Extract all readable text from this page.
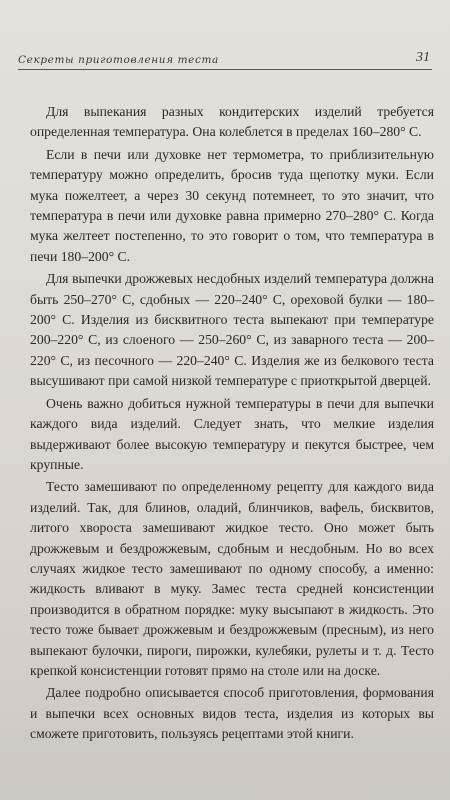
Секреты приготовления теста	31

Для выпекания разных кондитерских изделий требуется определенная температура. Она колеблется в пределах 160–280° С.

Если в печи или духовке нет термометра, то приблизительную температуру можно определить, бросив туда щепотку муки. Если мука пожелтеет, а через 30 секунд потемнеет, то это значит, что температура в печи или духовке равна примерно 270–280° С. Когда мука желтеет постепенно, то это говорит о том, что температура в печи 180–200° С.

Для выпечки дрожжевых несдобных изделий температура должна быть 250–270° С, сдобных — 220–240° С, ореховой булки — 180–200° С. Изделия из бисквитного теста выпекают при температуре 200–220° С, из слоеного — 250–260° С, из заварного теста — 200–220° С, из песочного — 220–240° С. Изделия же из белкового теста высушивают при самой низкой температуре с приоткрытой дверцей.

Очень важно добиться нужной температуры в печи для выпечки каждого вида изделий. Следует знать, что мелкие изделия выдерживают более высокую температуру и пекутся быстрее, чем крупные.

Тесто замешивают по определенному рецепту для каждого вида изделий. Так, для блинов, оладий, блинчиков, вафель, бисквитов, литого хвороста замешивают жидкое тесто. Оно может быть дрожжевым и бездрожжевым, сдобным и несдобным. Но во всех случаях жидкое тесто замешивают по одному способу, а именно: жидкость вливают в муку. Замес теста средней консистенции производится в обратном порядке: муку высыпают в жидкость. Это тесто тоже бывает дрожжевым и бездрожжевым (пресным), из него выпекают булочки, пироги, пирожки, кулебяки, рулеты и т. д. Тесто крепкой консистенции готовят прямо на столе или на доске.

Далее подробно описывается способ приготовления, формования и выпечки всех основных видов теста, изделия из которых вы сможете приготовить, пользуясь рецептами этой книги.
